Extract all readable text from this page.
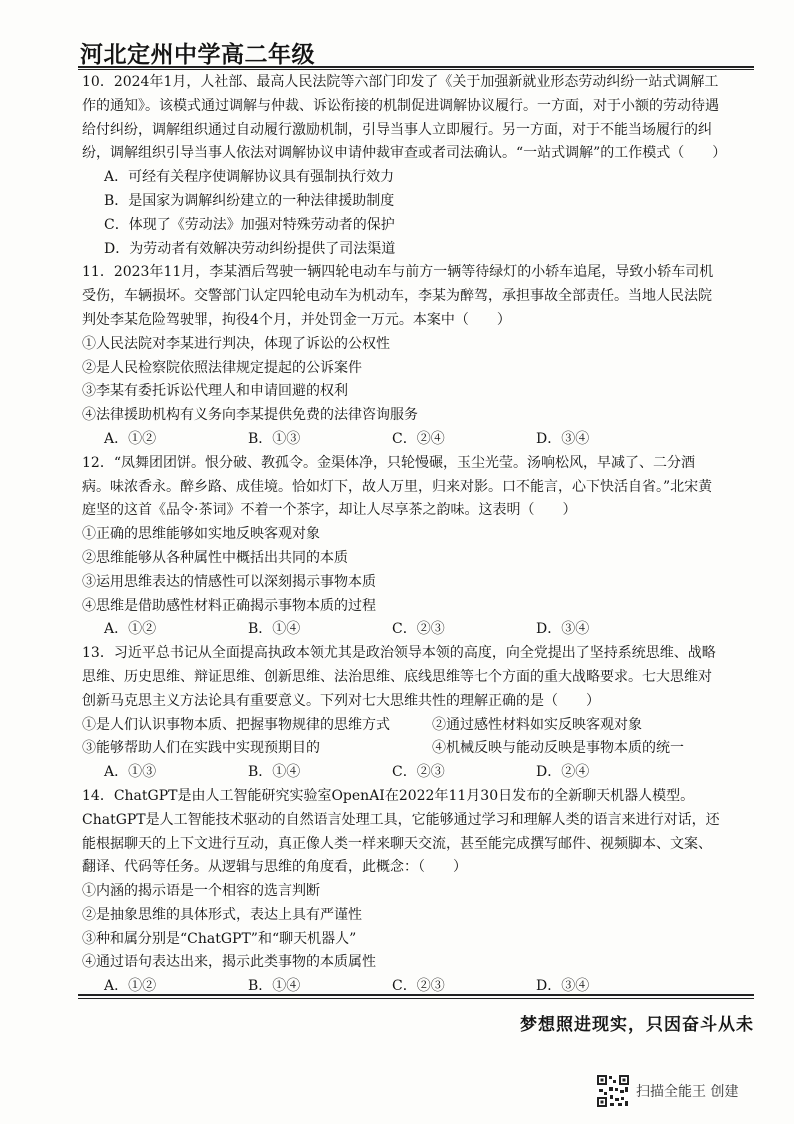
河北定州中学高二年级

10．2024年1月，人社部、最高人民法院等六部门印发了《关于加强新就业形态劳动纠纷一站式调解工作的通知》。该模式通过调解与仲裁、诉讼衔接的机制促进调解协议履行。一方面，对于小额的劳动待遇给付纠纷，调解组织通过自动履行激励机制，引导当事人立即履行。另一方面，对于不能当场履行的纠纷，调解组织引导当事人依法对调解协议申请仲裁审查或者司法确认。“一站式调解”的工作模式（　　）

A．可经有关程序使调解协议具有强制执行效力

B．是国家为调解纠纷建立的一种法律援助制度

C．体现了《劳动法》加强对特殊劳动者的保护

D．为劳动者有效解决劳动纠纷提供了司法渠道

11．2023年11月，李某酒后驾驶一辆四轮电动车与前方一辆等待绿灯的小轿车追尾，导致小轿车司机受伤，车辆损坏。交警部门认定四轮电动车为机动车，李某为醉驾，承担事故全部责任。当地人民法院判处李某危险驾驶罪，拘役4个月，并处罚金一万元。本案中（　　）

①人民法院对李某进行判决，体现了诉讼的公权性

②是人民检察院依照法律规定提起的公诉案件

③李某有委托诉讼代理人和申请回避的权利

④法律援助机构有义务向李某提供免费的法律咨询服务

A．①②	B．①③	C．②④	D．③④

12．“凤舞团团饼。恨分破、教孤令。金渠体净，只轮慢碾，玉尘光莹。汤响松风，早减了、二分酒病。味浓香永。醉乡路、成佳境。恰如灯下，故人万里，归来对影。口不能言，心下快活自省。”北宋黄庭坚的这首《品令·茶词》不着一个茶字，却让人尽享茶之韵味。这表明（　　）

①正确的思维能够如实地反映客观对象

②思维能够从各种属性中概括出共同的本质

③运用思维表达的情感性可以深刻揭示事物本质

④思维是借助感性材料正确揭示事物本质的过程

A．①②	B．①④	C．②③	D．③④

13．习近平总书记从全面提高执政本领尤其是政治领导本领的高度，向全党提出了坚持系统思维、战略思维、历史思维、辩证思维、创新思维、法治思维、底线思维等七个方面的重大战略要求。七大思维对创新马克思主义方法论具有重要意义。下列对七大思维共性的理解正确的是（　　）

①是人们认识事物本质、把握事物规律的思维方式	②通过感性材料如实反映客观对象
③能够帮助人们在实践中实现预期目的	④机械反映与能动反映是事物本质的统一
A．①③	B．①④	C．②③	D．②④

14．ChatGPT是由人工智能研究实验室OpenAI在2022年11月30日发布的全新聊天机器人模型。ChatGPT是人工智能技术驱动的自然语言处理工具，它能够通过学习和理解人类的语言来进行对话，还能根据聊天的上下文进行互动，真正像人类一样来聊天交流，甚至能完成撰写邮件、视频脚本、文案、翻译、代码等任务。从逻辑与思维的角度看，此概念：（　　）

①内涵的揭示语是一个相容的选言判断

②是抽象思维的具体形式，表达上具有严谨性

③种和属分别是“ChatGPT”和“聊天机器人”

④通过语句表达出来，揭示此类事物的本质属性

A．①②	B．①④	C．②③	D．③④
梦想照进现实，只因奋斗从未
扫描全能王 创建
